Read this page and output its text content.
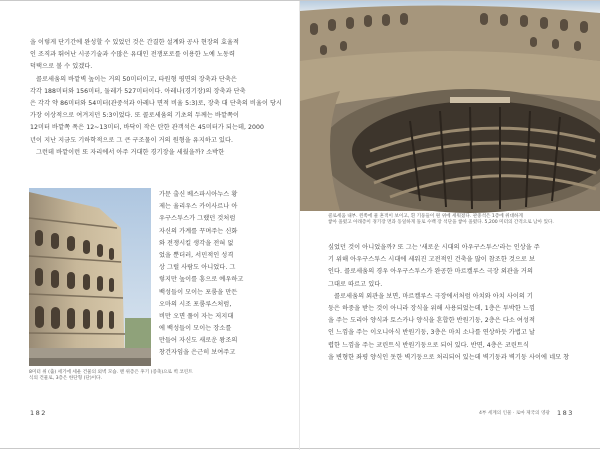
을 이렇게 단기간에 완성할 수 있었던 것은 간결한 설계와 공사 현장의 효율적
인 조직과 뛰어난 시공기술과 수많은 유대인 전쟁포로를 이용한 노예 노동력
덕택으로 볼 수 있겠다.
콜로세움의 바깥벽 높이는 거의 50미터이고, 타원형 평면의 장축과 단축은
각각 188미터와 156미터, 둘레가 527미터이다. 아레나(경기장)의 장축과 단축
은 각각 약 86미터와 54미터(관중석과 아레나 면적 비율 5:3)로, 장축 대 단축의 비율이 당시
가장 이상적으로 여겨지던 5:3이었다. 또 콜로세움의 기초의 두께는 바깥쪽이
12미터 바깥쪽 폭은 12~13미터, 바닥이 작은 탄한 관객석은 45미터가 되는데, 2000
년이 지난 지금도 기하학적으로 그 큰 구조물이 거의 원형을 유지하고 있다.
그런데 바깥이런 또 자리에서 아주 거대한 경기장을 세웠을까? 소박한
가문 출신 베스파시아누스 황
제는 율리우스 카이사르나 아
우구스투스가 그랬던 것처럼
자신의 가계를 꾸며주는 신화
와 전쟁시킬 생각을 전혀 없
었을 뿐더러, 서민적인 성격
상 그럴 사람도 아니었다. 그
렇지만 높이를 흥으로 예우하고
백성들이 모이는 포룸을 만든
오마의 시조 포룸루스처럼,
비만 오면 풀이 자는 저지대
에 백성들이 모이는 장소를
만들어 자신도 새로운 왕조의
창건자임을 은근히 보여주고
8미터 위 (출) 세기에 세운 건물의 외벽 모습. 맨 위층은 후기 (증축)으로 벽 코린트
식의 건물로, 3층은 한단형 (단)이다.
182
콜로세움 내부. 왼쪽에 물 흔적이 보이고, 흰 기둥들이 원 위에 세워졌다. 관중석은 1층에 위대하게
쌓아 올렸고 아래층이 경기장 면과 동일하게 돌로 수백 장 석단을 쌓아 올렸다. 5,200 미터의 간격으로 남아 있다.
싶었던 것이 아니었을까? 또 그는 '새로운 시대의 아우구스투스'라는 인상을 주
기 위해 아우구스투스 시대에 세워진 고전적인 건축을 많이 참조한 것으로 보
인다. 콜로세움의 경우 아우구스투스가 완공한 마르켈루스 극장 외관을 거의
그대로 따르고 있다.
콜로세움의 외관을 보면, 마르켈루스 극장에서처럼 아치와 아치 사이의 기
둥은 하중을 받는 것이 아니라 장식을 위해 사용되었는데, 1층은 투박한 느낌
을 주는 도리아 양식과 토스카나 양식을 혼합한 반원기둥, 2층은 다소 여성적
인 느낌을 주는 이오니아식 반원기둥, 3층은 마치 소나를 연상하듯 가볍고 날
렵한 느낌을 주는 코린트식 반원기둥으로 되어 있다. 반면, 4층은 코린트식
을 변형한 좌평 양식인 돗한 벽기둥으로 처리되어 있는데 벽기둥과 벽기둥 사이에 네모 창
4부 세계의 인물 · 로마 제국의 영광 183
